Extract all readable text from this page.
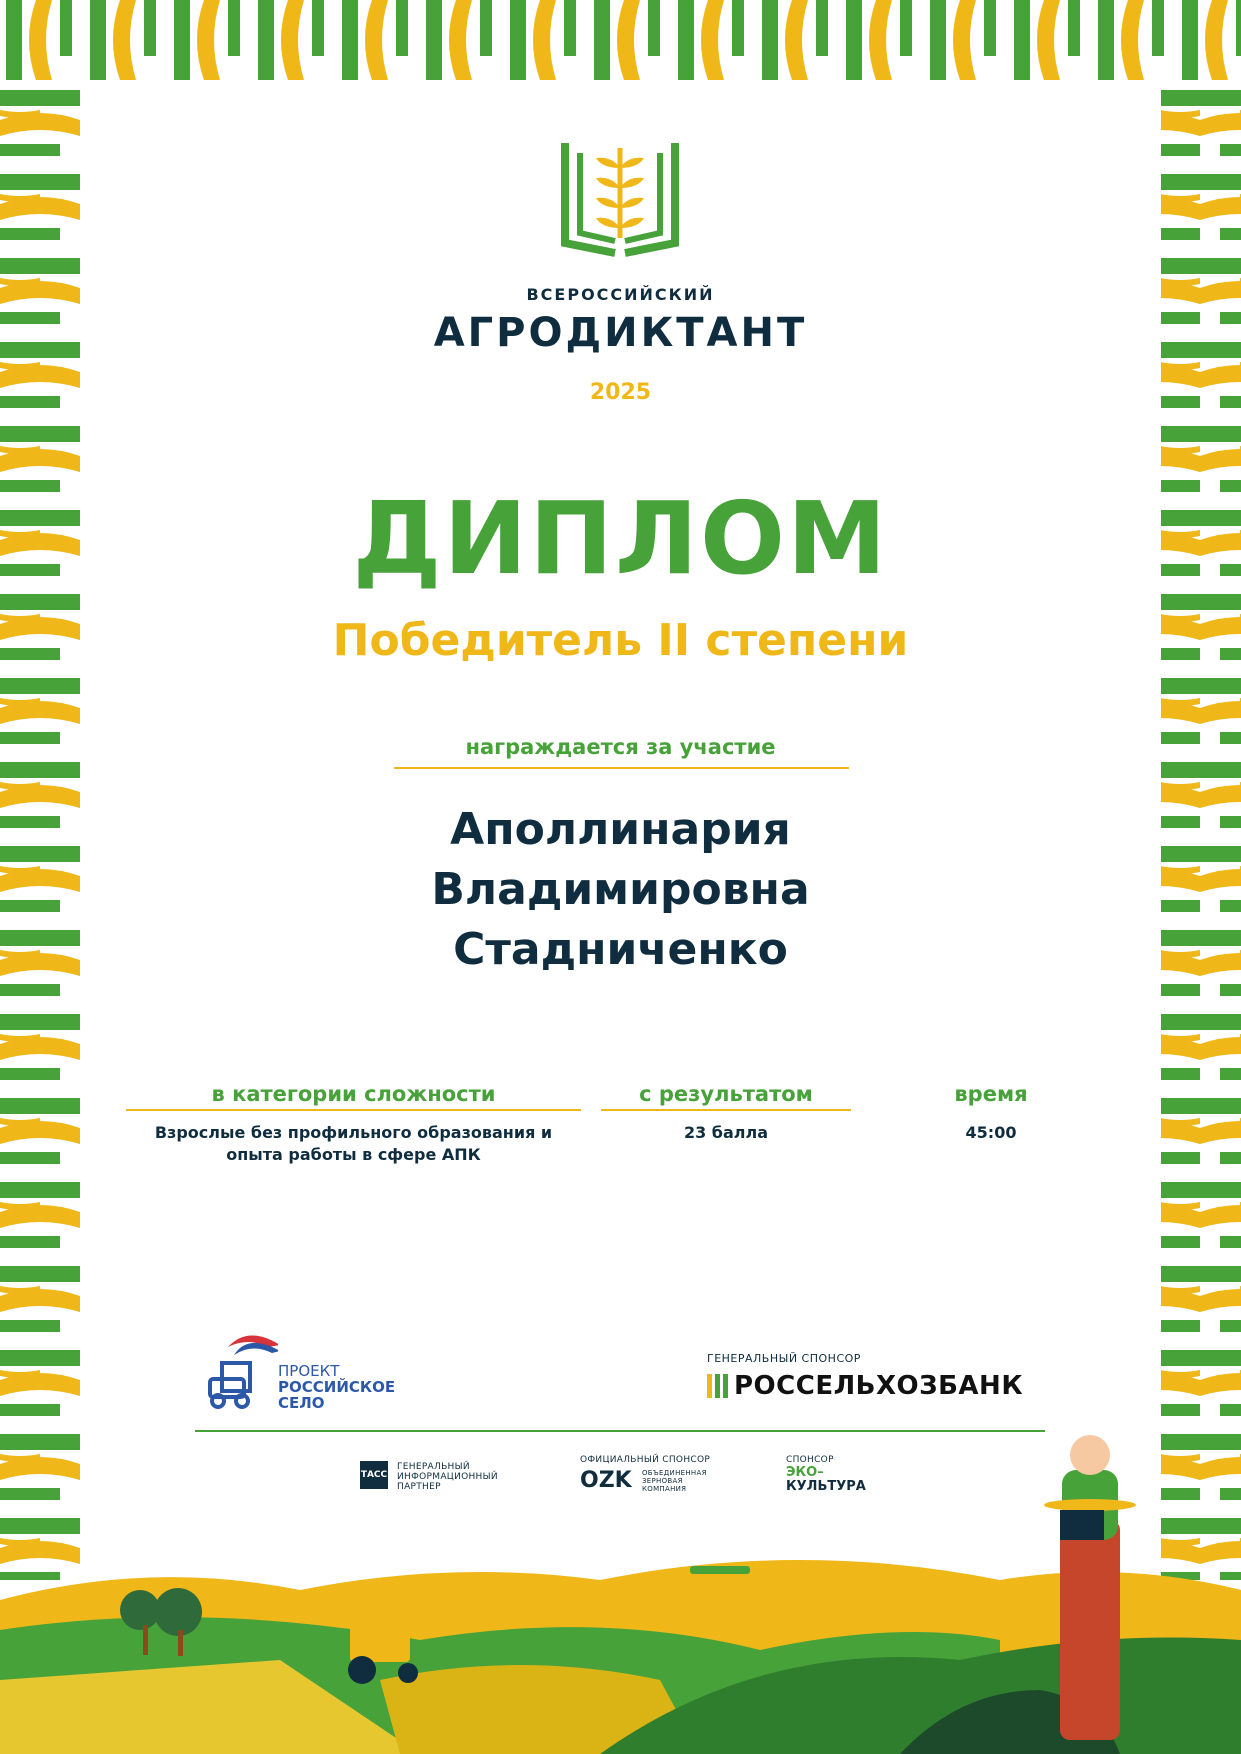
ВСЕРОССИЙСКИЙ
АГРОДИКТАНТ
2025
ДИПЛОМ
Победитель II степени
награждается за участие
Аполлинария
Владимировна
Стадниченко
в категории сложности
Взрослые без профильного образования и
опыта работы в сфере АПК
с результатом
23 балла
время
45:00
ПРОЕКТ
РОССИЙСКОЕ
СЕЛО
ГЕНЕРАЛЬНЫЙ СПОНСОР
РОССЕЛЬХОЗБАНК
ТАСС
ГЕНЕРАЛЬНЫЙ
ИНФОРМАЦИОННЫЙ
ПАРТНЕР
ОФИЦИАЛЬНЫЙ СПОНСОР
OZK ОБЪЕДИНЕННАЯ
ЗЕРНОВАЯ
КОМПАНИЯ
СПОНСОР
ЭКО–
КУЛЬТУРА
